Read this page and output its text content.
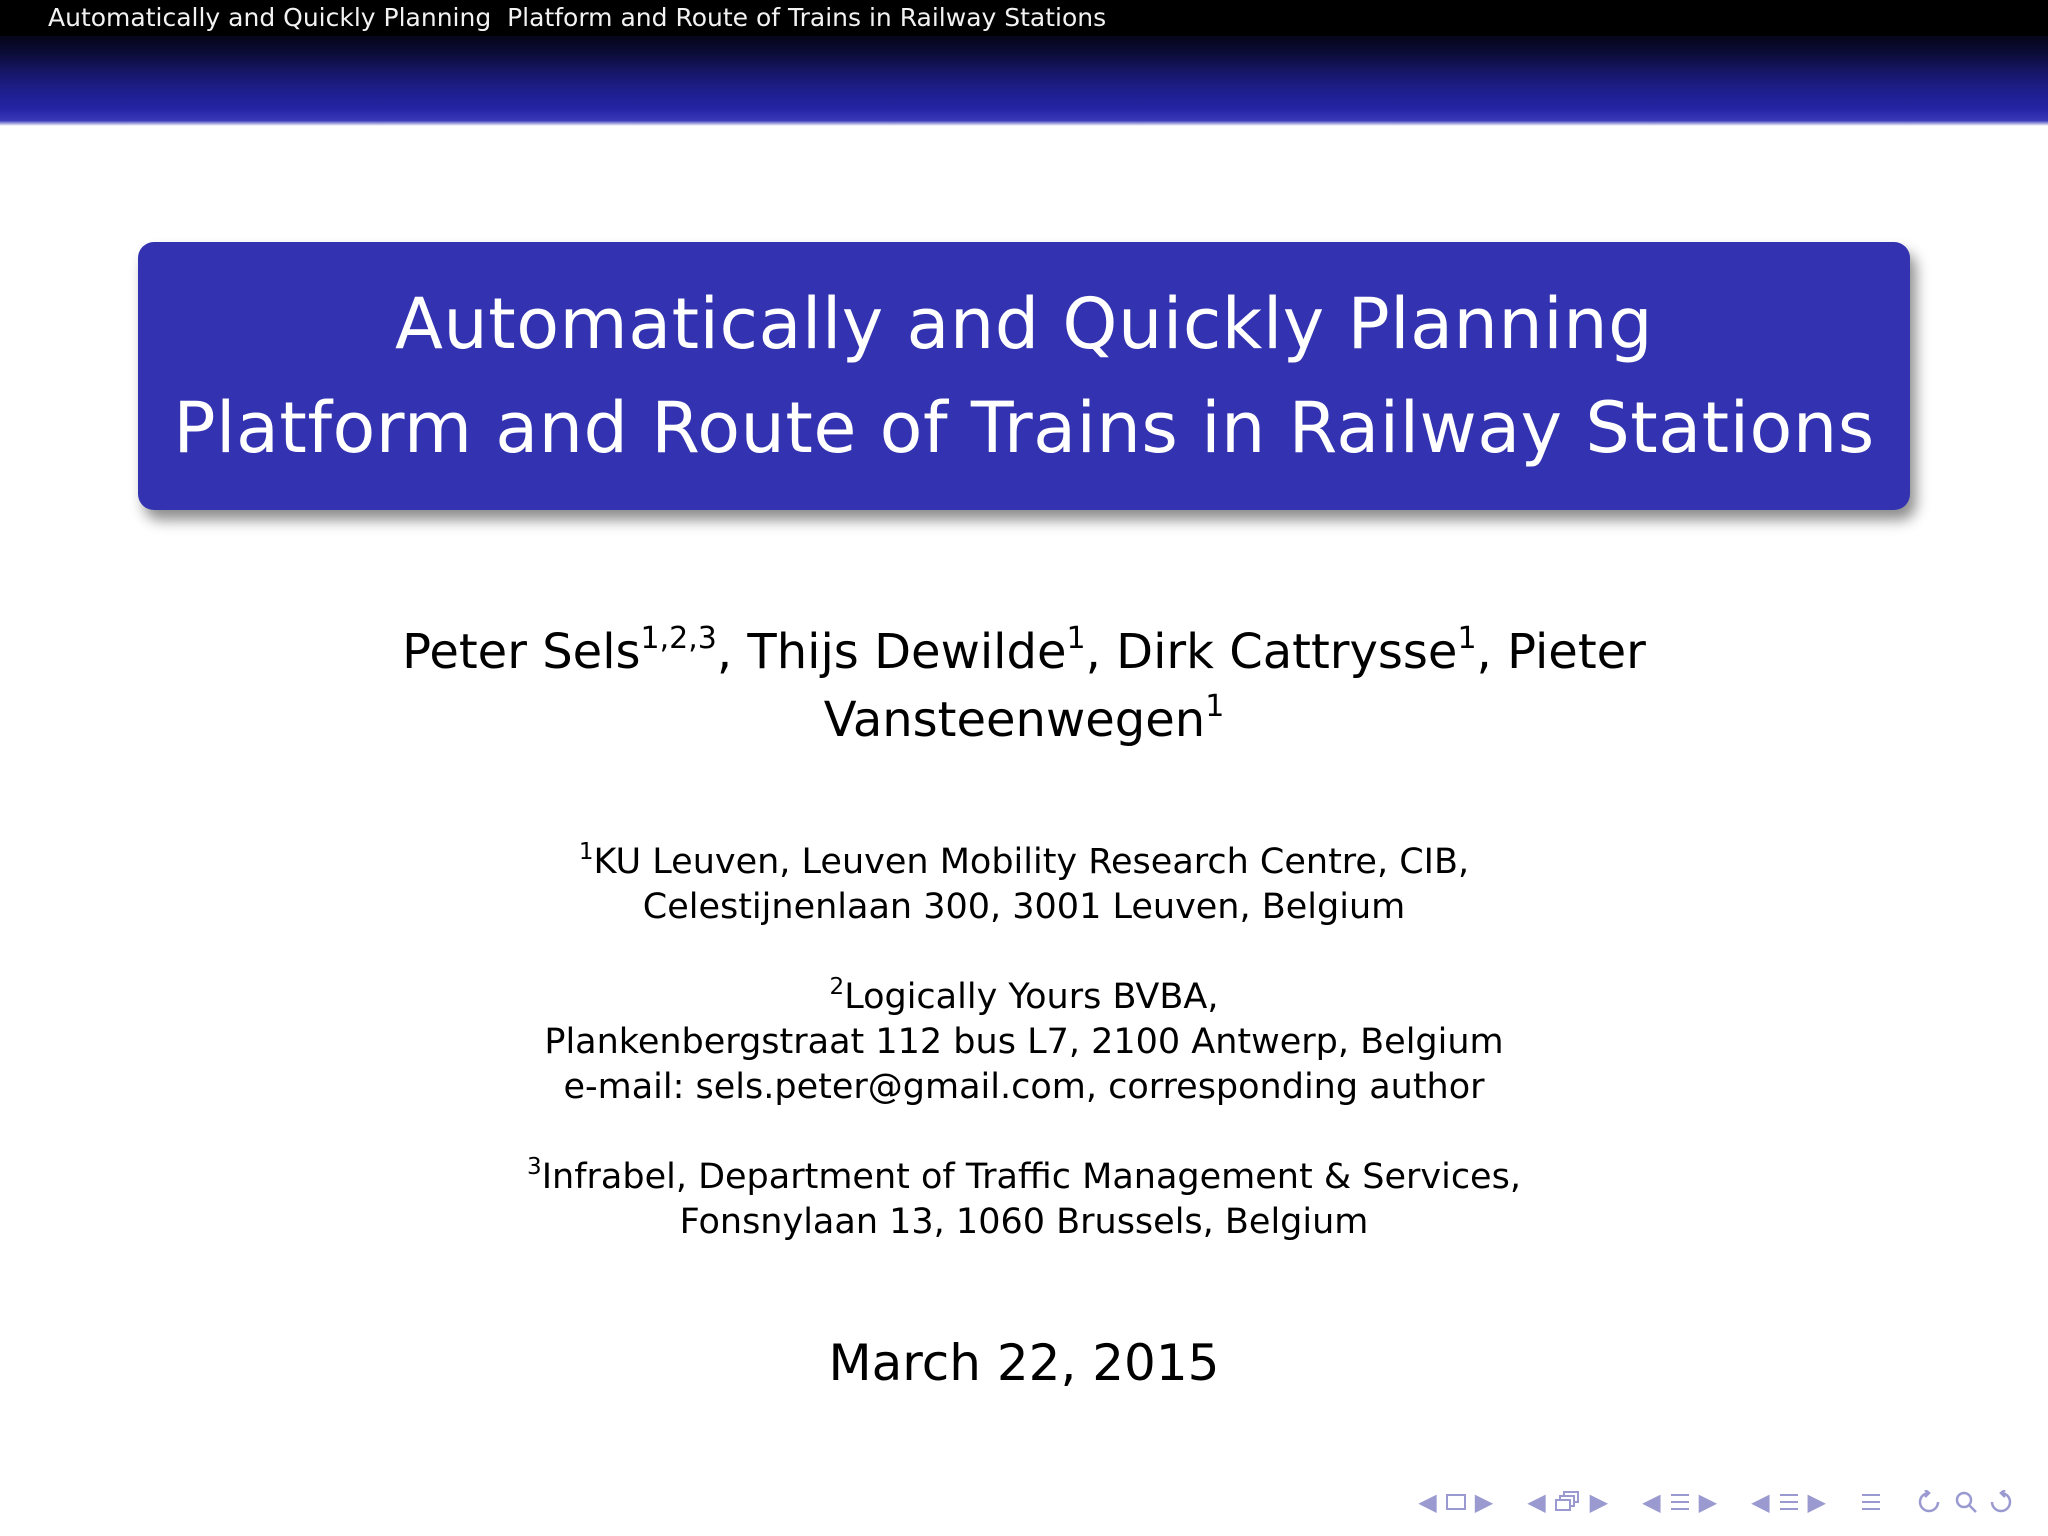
Automatically and Quickly Planning  Platform and Route of Trains in Railway Stations
Automatically and Quickly Planning
Platform and Route of Trains in Railway Stations
Peter Sels$^{1,2,3}$, Thijs Dewilde$^1$, Dirk Cattrysse$^1$, Pieter
Vansteenwegen$^1$
$^1$KU Leuven, Leuven Mobility Research Centre, CIB,
Celestijnenlaan 300, 3001 Leuven, Belgium
$^2$Logically Yours BVBA,
Plankenbergstraat 112 bus L7, 2100 Antwerp, Belgium
e-mail: sels.peter@gmail.com, corresponding author
$^3$Infrabel, Department of Traffic Management & Services,
Fonsnylaan 13, 1060 Brussels, Belgium
March 22, 2015
◀ ▶ ◀ ▶ ◀ ▶ ◀ ▶
